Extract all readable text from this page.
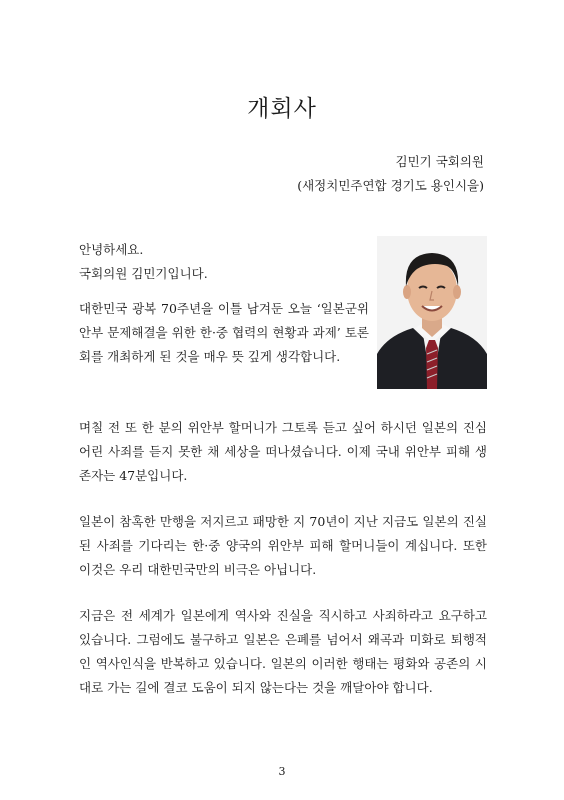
개회사
김민기 국회의원
(새정치민주연합 경기도 용인시을)
안녕하세요.
국회의원 김민기입니다.

대한민국 광복 70주년을 이틀 남겨둔 오늘 ‘일본군위안부 문제해결을 위한 한·중 협력의 현황과 과제’ 토론회를 개최하게 된 것을 매우 뜻 깊게 생각합니다.

며칠 전 또 한 분의 위안부 할머니가 그토록 듣고 싶어 하시던 일본의 진심 어린 사죄를 듣지 못한 채 세상을 떠나셨습니다. 이제 국내 위안부 피해 생존자는 47분입니다.

일본이 참혹한 만행을 저지르고 패망한 지 70년이 지난 지금도 일본의 진실된 사죄를 기다리는 한·중 양국의 위안부 피해 할머니들이 계십니다. 또한 이것은 우리 대한민국만의 비극은 아닙니다.

지금은 전 세계가 일본에게 역사와 진실을 직시하고 사죄하라고 요구하고 있습니다. 그럼에도 불구하고 일본은 은폐를 넘어서 왜곡과 미화로 퇴행적인 역사인식을 반복하고 있습니다. 일본의 이러한 행태는 평화와 공존의 시대로 가는 길에 결코 도움이 되지 않는다는 것을 깨달아야 합니다.

3
